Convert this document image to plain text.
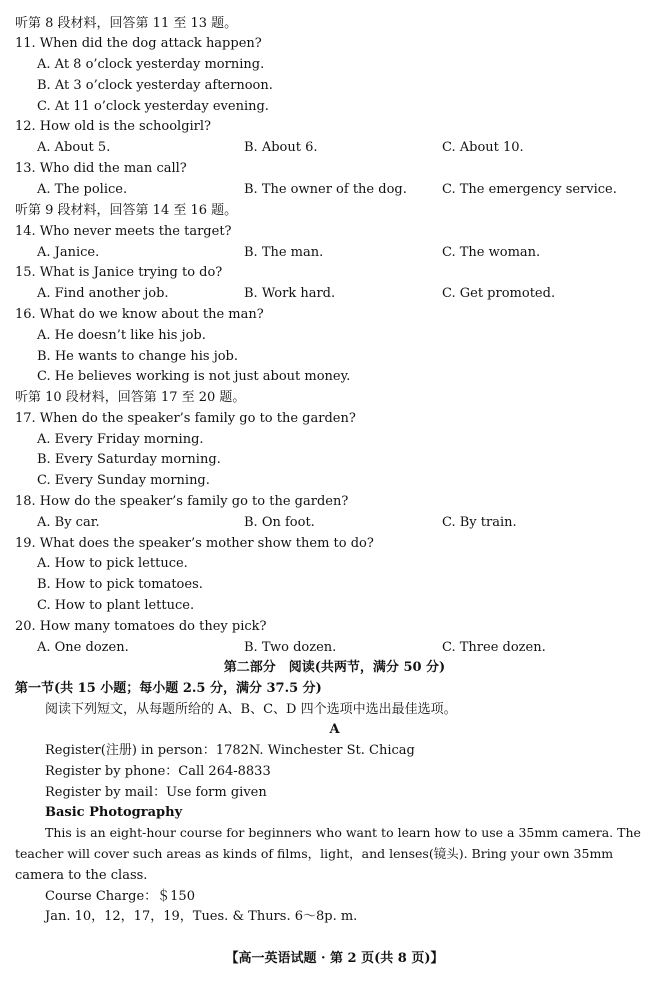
听第 8 段材料，回答第 11 至 13 题。
11. When did the dog attack happen?
A. At 8 o’clock yesterday morning.
B. At 3 o’clock yesterday afternoon.
C. At 11 o’clock yesterday evening.
12. How old is the schoolgirl?
A. About 5.	B. About 6.	C. About 10.
13. Who did the man call?
A. The police.	B. The owner of the dog.	C. The emergency service.
听第 9 段材料，回答第 14 至 16 题。
14. Who never meets the target?
A. Janice.	B. The man.	C. The woman.
15. What is Janice trying to do?
A. Find another job.	B. Work hard.	C. Get promoted.
16. What do we know about the man?
A. He doesn’t like his job.
B. He wants to change his job.
C. He believes working is not just about money.
听第 10 段材料，回答第 17 至 20 题。
17. When do the speaker’s family go to the garden?
A. Every Friday morning.
B. Every Saturday morning.
C. Every Sunday morning.
18. How do the speaker’s family go to the garden?
A. By car.	B. On foot.	C. By train.
19. What does the speaker’s mother show them to do?
A. How to pick lettuce.
B. How to pick tomatoes.
C. How to plant lettuce.
20. How many tomatoes do they pick?
A. One dozen.	B. Two dozen.	C. Three dozen.
第二部分　阅读(共两节，满分 50 分)
第一节(共 15 小题；每小题 2.5 分，满分 37.5 分)
阅读下列短文，从每题所给的 A、B、C、D 四个选项中选出最佳选项。
A
Register(注册) in person：1782N. Winchester St. Chicag
Register by phone：Call 264-8833
Register by mail：Use form given
Basic Photography
This is an eight-hour course for beginners who want to learn how to use a 35mm camera. The
teacher will cover such areas as kinds of films，light，and lenses(镜头). Bring your own 35mm
camera to the class.
Course Charge：＄150
Jan. 10，12，17，19，Tues. & Thurs. 6～8p. m.
【高一英语试题 · 第 2 页(共 8 页)】
